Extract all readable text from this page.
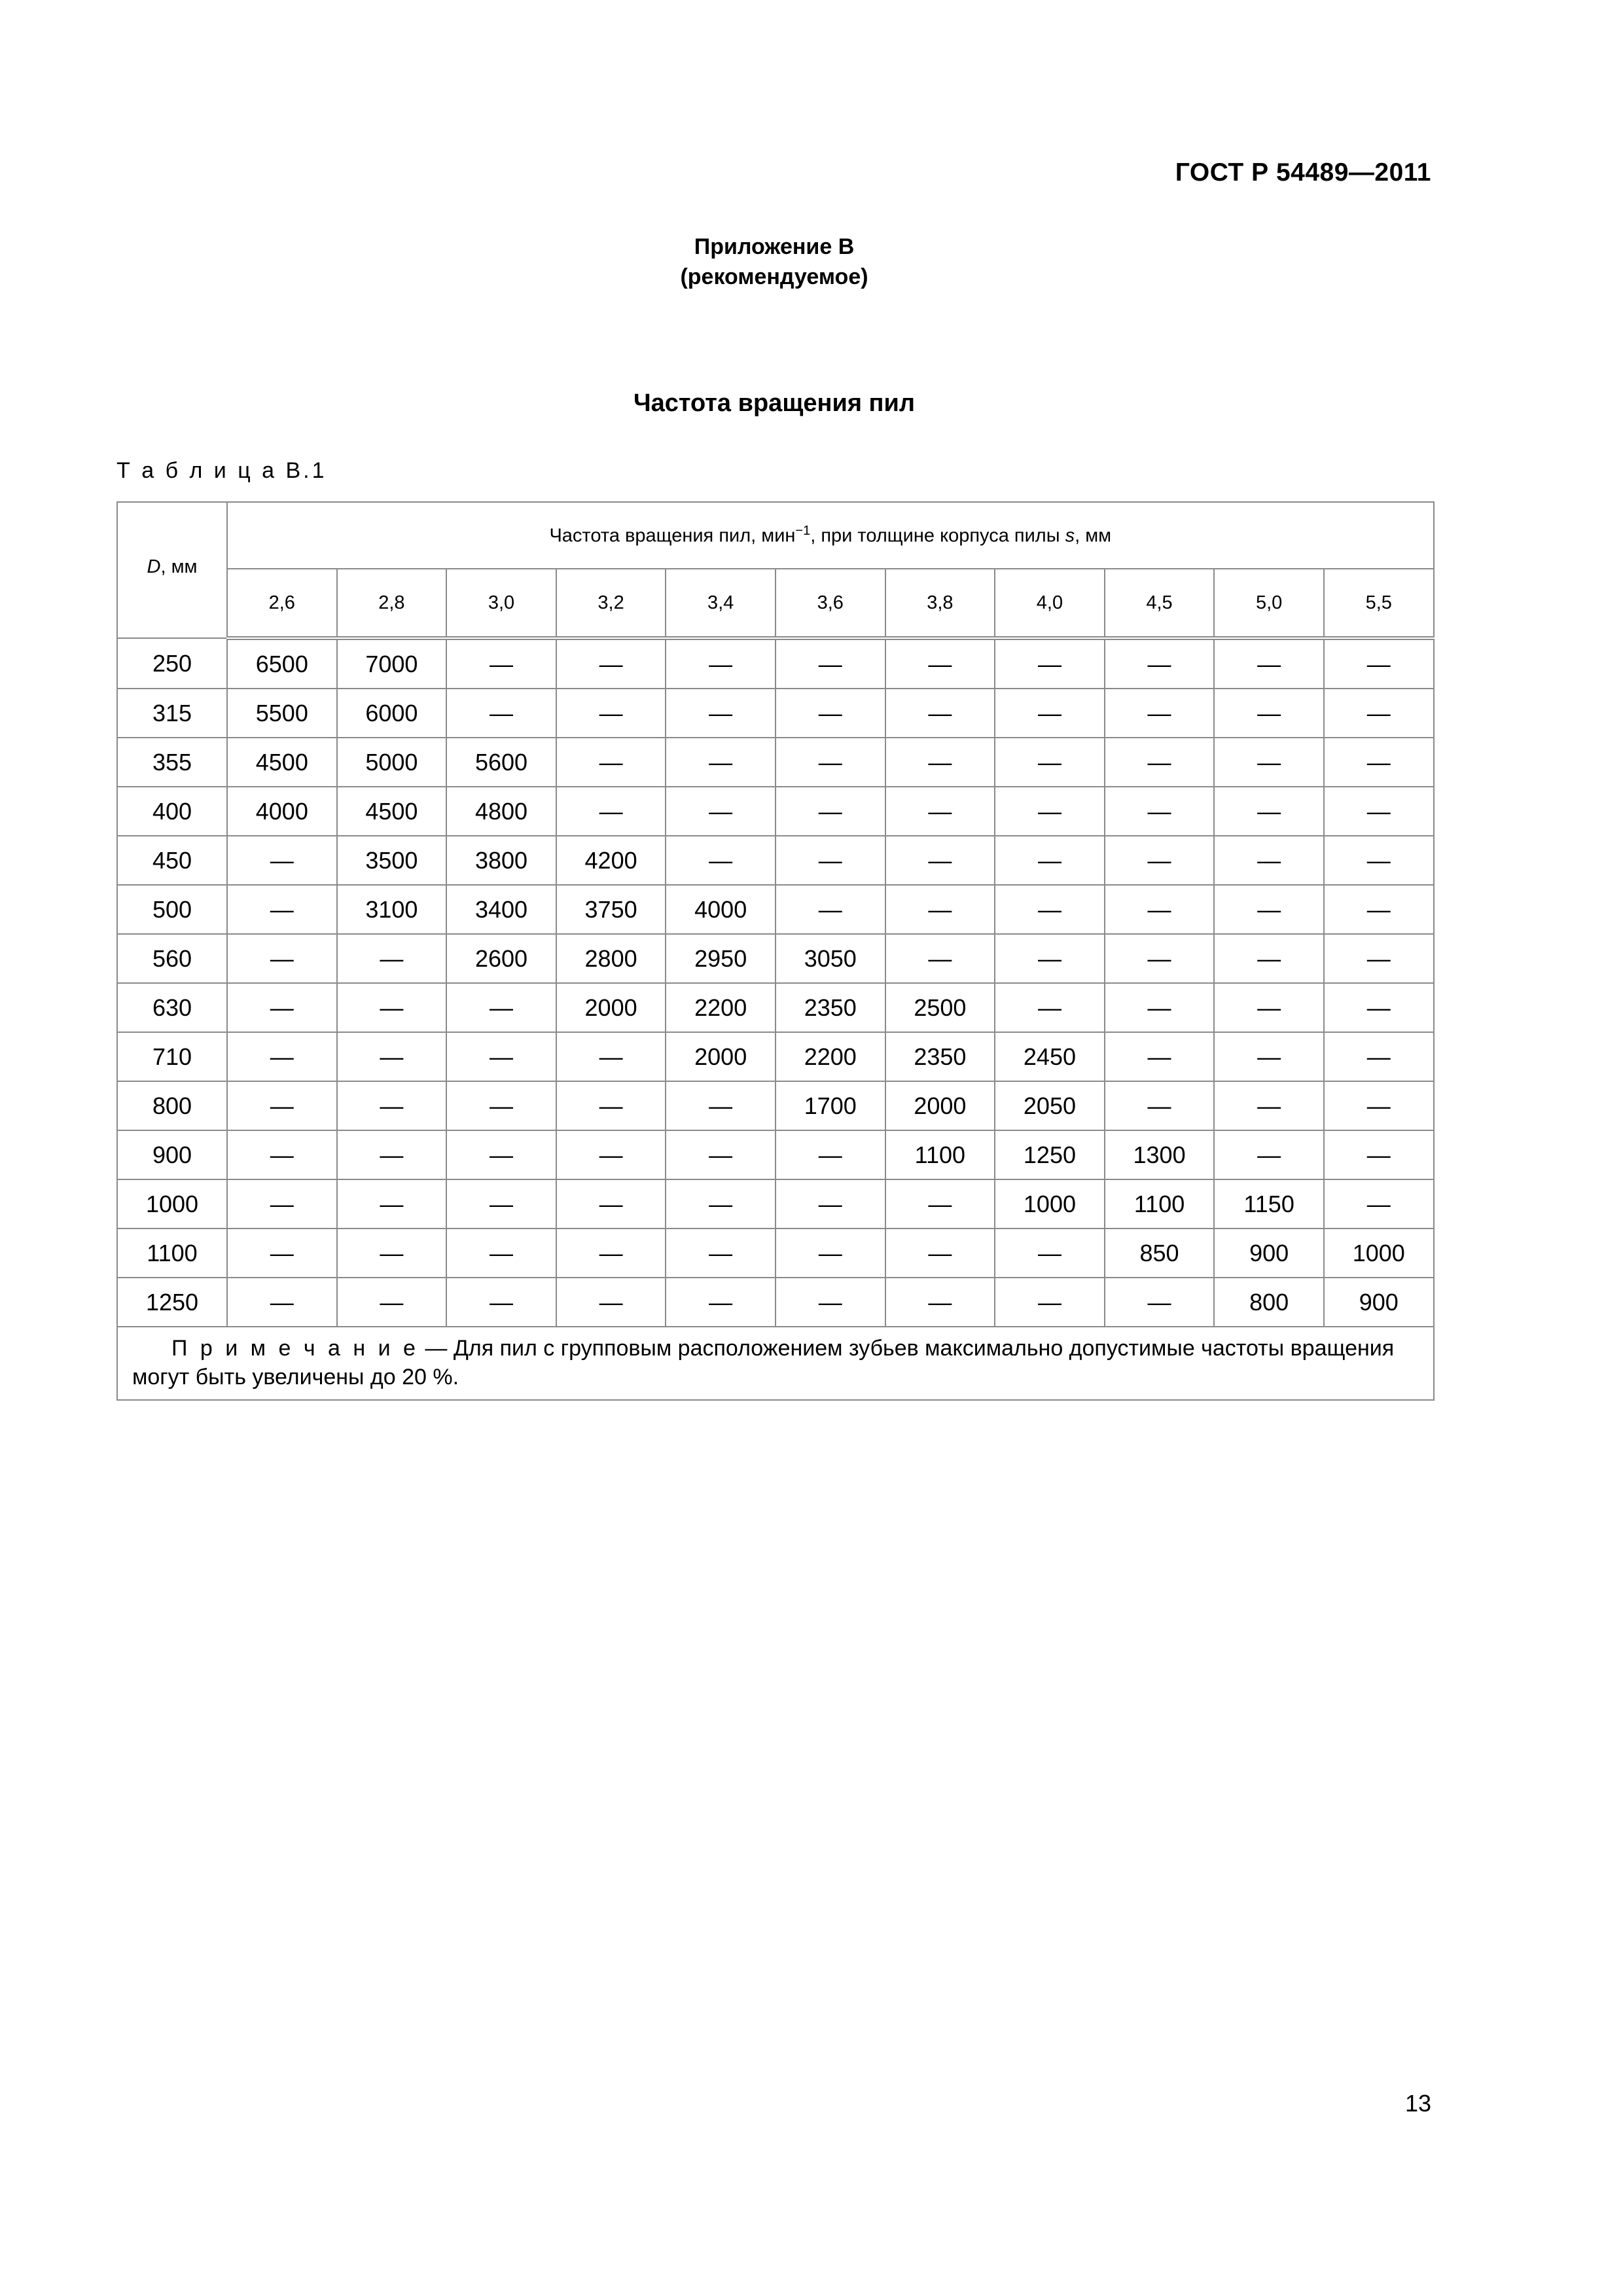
ГОСТ Р 54489—2011
Приложение В
(рекомендуемое)
Частота вращения пил
Т а б л и ц а В.1
D, мм	Частота вращения пил, мин$^{-1}$, при толщине корпуса пилы s, мм										
	2,6	2,8	3,0	3,2	3,4	3,6	3,8	4,0	4,5	5,0	5,5
250	6500	7000	—	—	—	—	—	—	—	—	—
315	5500	6000	—	—	—	—	—	—	—	—	—
355	4500	5000	5600	—	—	—	—	—	—	—	—
400	4000	4500	4800	—	—	—	—	—	—	—	—
450	—	3500	3800	4200	—	—	—	—	—	—	—
500	—	3100	3400	3750	4000	—	—	—	—	—	—
560	—	—	2600	2800	2950	3050	—	—	—	—	—
630	—	—	—	2000	2200	2350	2500	—	—	—	—
710	—	—	—	—	2000	2200	2350	2450	—	—	—
800	—	—	—	—	—	1700	2000	2050	—	—	—
900	—	—	—	—	—	—	1100	1250	1300	—	—
1000	—	—	—	—	—	—	—	1000	1100	1150	—
1100	—	—	—	—	—	—	—	—	850	900	1000
1250	—	—	—	—	—	—	—	—	—	800	900
П р и м е ч а н и е — Для пил с групповым расположением зубьев максимально допустимые частоты вращения могут быть увеличены до 20 %.											
13
